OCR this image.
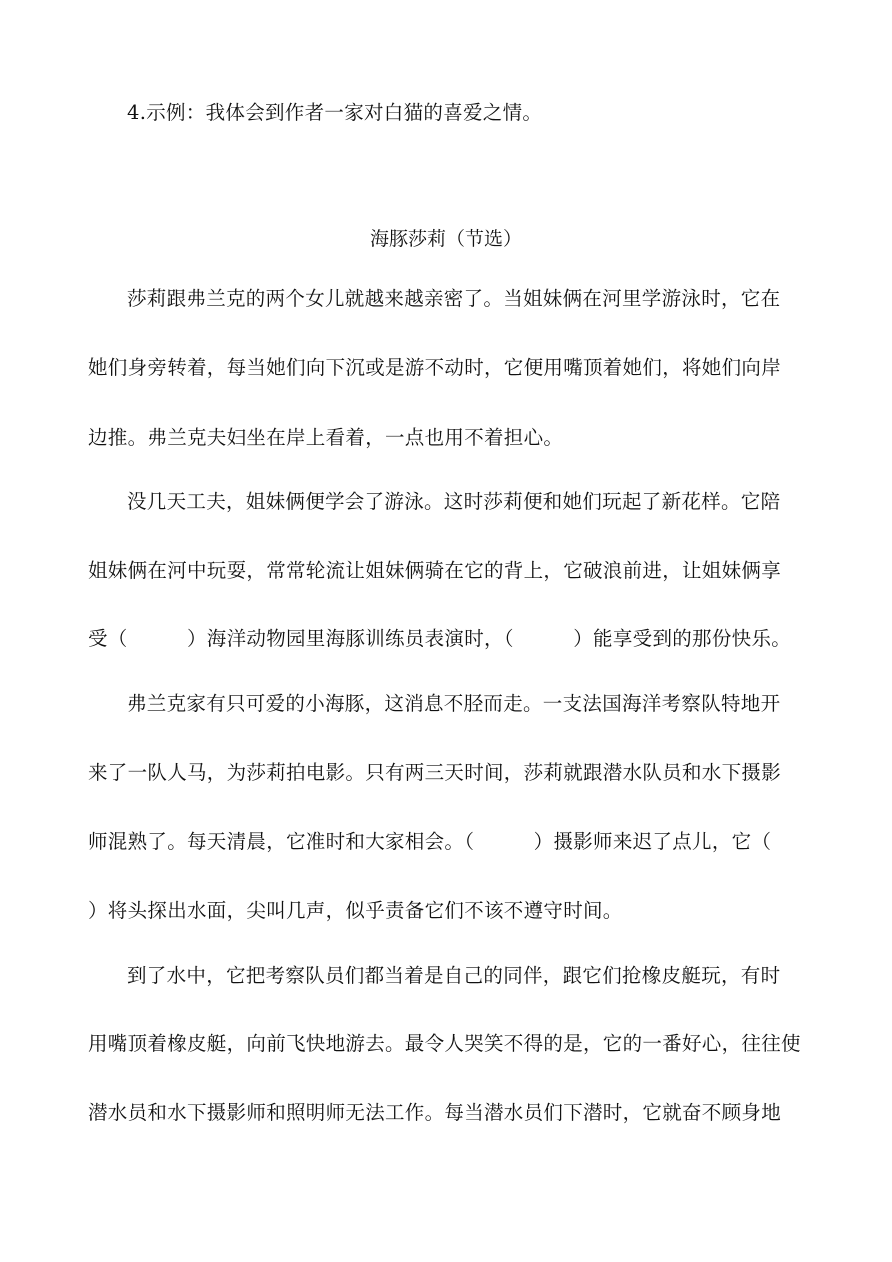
4.示例：我体会到作者一家对白猫的喜爱之情。
海豚莎莉（节选）
莎莉跟弗兰克的两个女儿就越来越亲密了。当姐妹俩在河里学游泳时，它在
她们身旁转着，每当她们向下沉或是游不动时，它便用嘴顶着她们，将她们向岸
边推。弗兰克夫妇坐在岸上看着，一点也用不着担心。
没几天工夫，姐妹俩便学会了游泳。这时莎莉便和她们玩起了新花样。它陪
姐妹俩在河中玩耍，常常轮流让姐妹俩骑在它的背上，它破浪前进，让姐妹俩享
受（　　　）海洋动物园里海豚训练员表演时，（　　　）能享受到的那份快乐。
弗兰克家有只可爱的小海豚，这消息不胫而走。一支法国海洋考察队特地开
来了一队人马，为莎莉拍电影。只有两三天时间，莎莉就跟潜水队员和水下摄影
师混熟了。每天清晨，它准时和大家相会。（　　　）摄影师来迟了点儿，它（
）将头探出水面，尖叫几声，似乎责备它们不该不遵守时间。
到了水中，它把考察队员们都当着是自己的同伴，跟它们抢橡皮艇玩，有时
用嘴顶着橡皮艇，向前飞快地游去。最令人哭笑不得的是，它的一番好心，往往使
潜水员和水下摄影师和照明师无法工作。每当潜水员们下潜时，它就奋不顾身地
